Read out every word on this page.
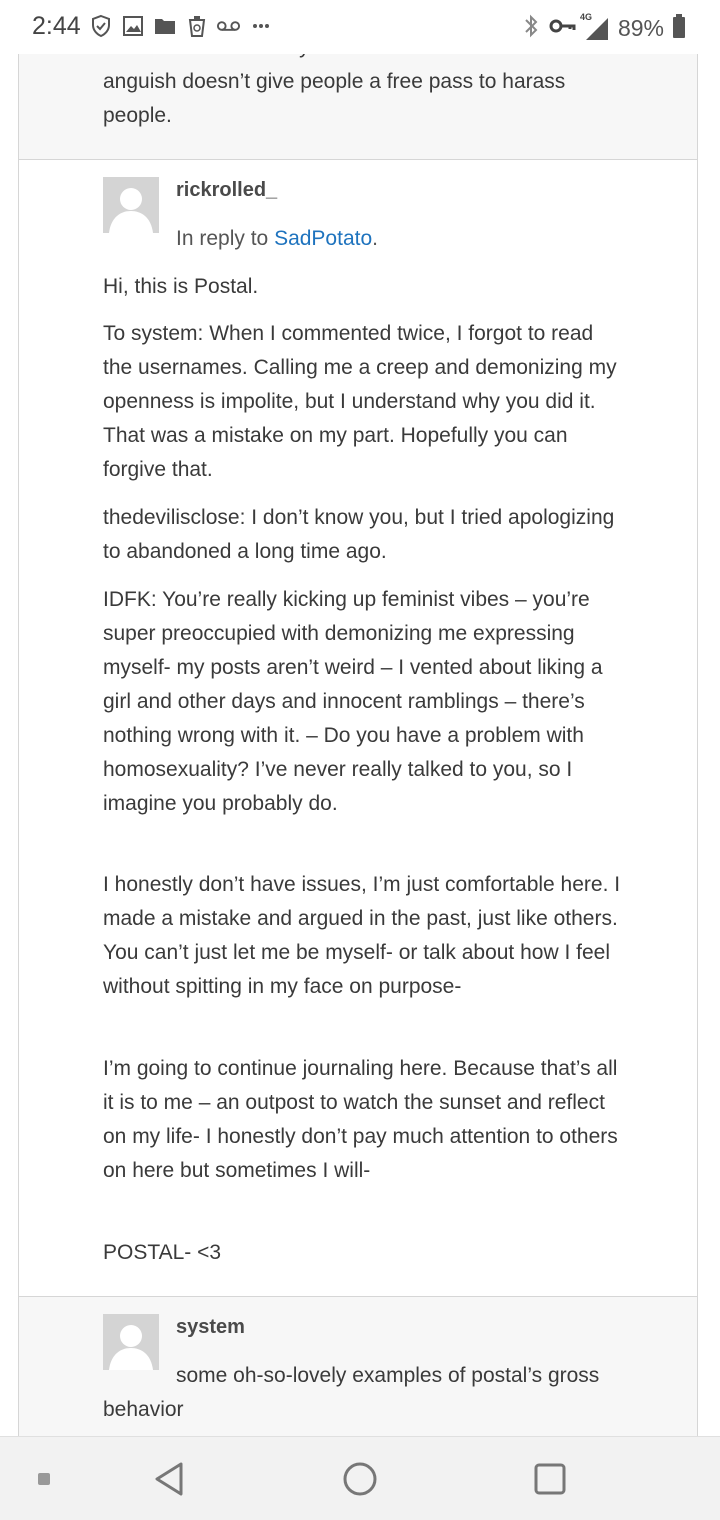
anguish doesn’t give people a free pass to harass people.

rickrolled_
In reply to SadPotato.

Hi, this is Postal.

To system: When I commented twice, I forgot to read the usernames. Calling me a creep and demonizing my openness is impolite, but I understand why you did it. That was a mistake on my part. Hopefully you can forgive that.

thedevilisclose: I don’t know you, but I tried apologizing to abandoned a long time ago.

IDFK: You’re really kicking up feminist vibes – you’re super preoccupied with demonizing me expressing myself- my posts aren’t weird – I vented about liking a girl and other days and innocent ramblings – there’s nothing wrong with it. – Do you have a problem with homosexuality? I’ve never really talked to you, so I imagine you probably do.

I honestly don’t have issues, I’m just comfortable here. I made a mistake and argued in the past, just like others. You can’t just let me be myself- or talk about how I feel without spitting in my face on purpose-

I’m going to continue journaling here. Because that’s all it is to me – an outpost to watch the sunset and reflect on my life- I honestly don’t pay much attention to others on here but sometimes I will-

POSTAL- <3

system

some oh-so-lovely examples of postal’s gross behavior

2:44	4G 89%
